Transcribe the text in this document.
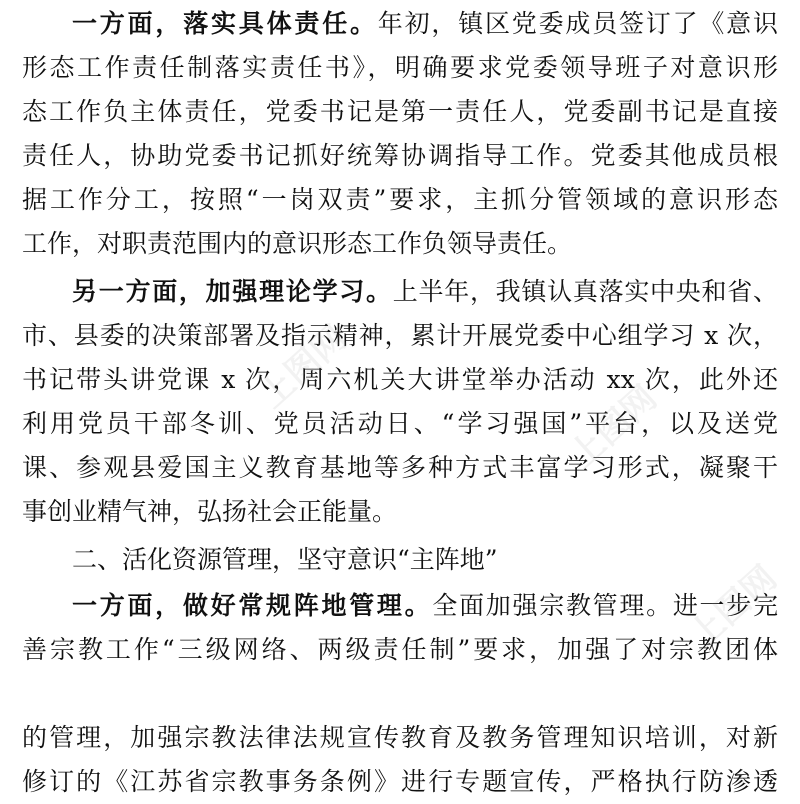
一方面，落实具体责任。年初，镇区党委成员签订了《意识
形态工作责任制落实责任书》，明确要求党委领导班子对意识形
态工作负主体责任，党委书记是第一责任人，党委副书记是直接
责任人，协助党委书记抓好统筹协调指导工作。党委其他成员根
据工作分工，按照“一岗双责”要求，主抓分管领域的意识形态
工作，对职责范围内的意识形态工作负领导责任。
另一方面，加强理论学习。上半年，我镇认真落实中央和省、
市、县委的决策部署及指示精神，累计开展党委中心组学习 x 次，
书记带头讲党课 x 次，周六机关大讲堂举办活动 xx 次，此外还
利用党员干部冬训、党员活动日、“学习强国”平台，以及送党
课、参观县爱国主义教育基地等多种方式丰富学习形式，凝聚干
事创业精气神，弘扬社会正能量。
二、活化资源管理，坚守意识“主阵地”
一方面，做好常规阵地管理。全面加强宗教管理。进一步完
善宗教工作“三级网络、两级责任制”要求，加强了对宗教团体
的管理，加强宗教法律法规宣传教育及教务管理知识培训，对新
修订的《江苏省宗教事务条例》进行专题宣传，严格执行防渗透
上图网
上图网
上图网
